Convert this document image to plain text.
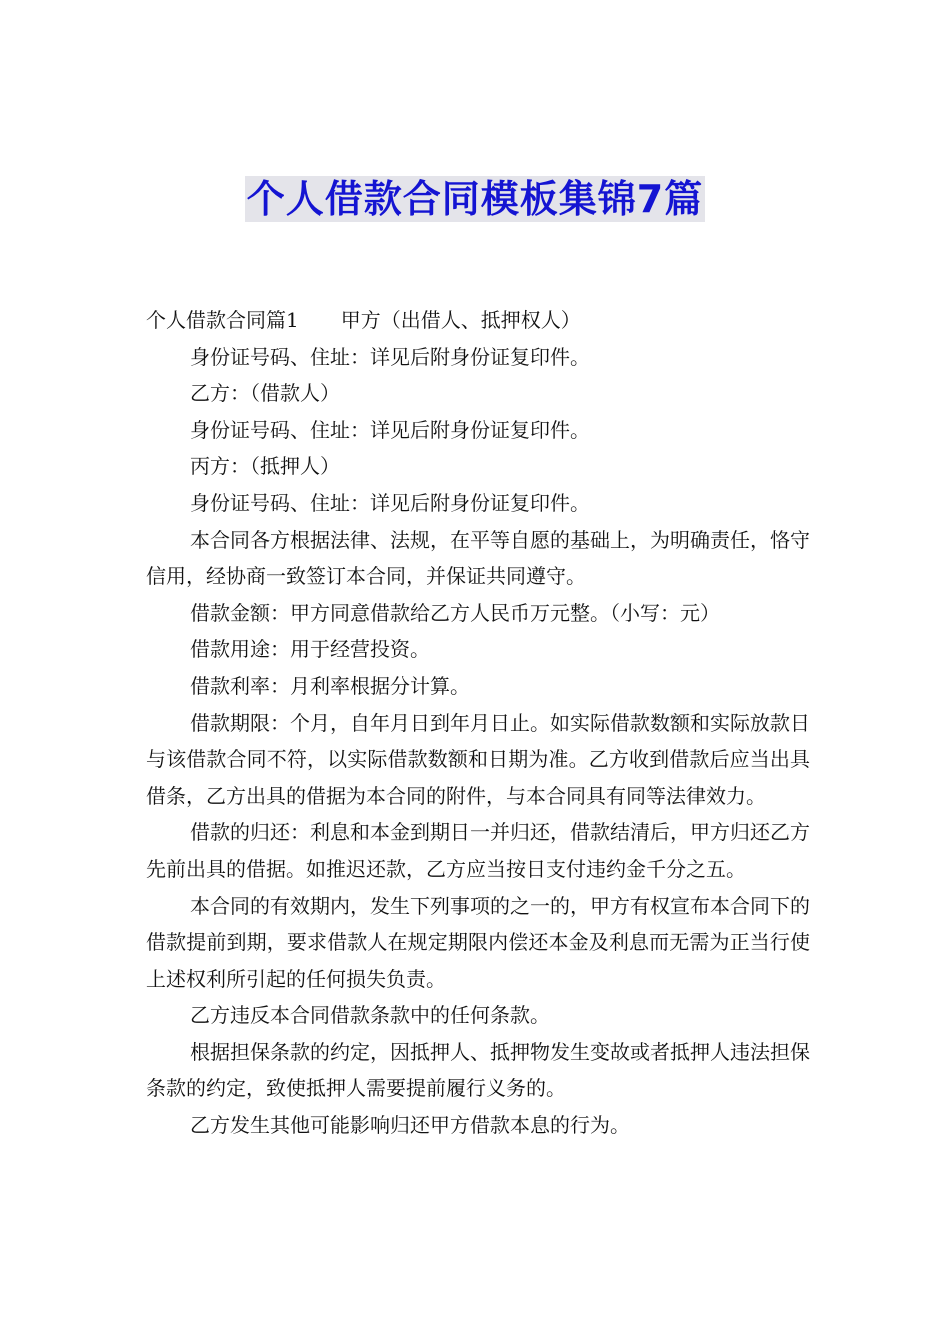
个人借款合同模板集锦7篇
个人借款合同篇1 甲方（出借人、抵押权人）
身份证号码、住址：详见后附身份证复印件。
乙方：（借款人）
身份证号码、住址：详见后附身份证复印件。
丙方：（抵押人）
身份证号码、住址：详见后附身份证复印件。

本合同各方根据法律、法规，在平等自愿的基础上，为明确责任，恪守信用，经协商一致签订本合同，并保证共同遵守。

借款金额：甲方同意借款给乙方人民币万元整。（小写：元）

借款用途：用于经营投资。

借款利率：月利率根据分计算。

借款期限：个月，自年月日到年月日止。如实际借款数额和实际放款日与该借款合同不符，以实际借款数额和日期为准。乙方收到借款后应当出具借条，乙方出具的借据为本合同的附件，与本合同具有同等法律效力。

借款的归还：利息和本金到期日一并归还，借款结清后，甲方归还乙方先前出具的借据。如推迟还款，乙方应当按日支付违约金千分之五。

本合同的有效期内，发生下列事项的之一的，甲方有权宣布本合同下的借款提前到期，要求借款人在规定期限内偿还本金及利息而无需为正当行使上述权利所引起的任何损失负责。

乙方违反本合同借款条款中的任何条款。

根据担保条款的约定，因抵押人、抵押物发生变故或者抵押人违法担保条款的约定，致使抵押人需要提前履行义务的。

乙方发生其他可能影响归还甲方借款本息的行为。
